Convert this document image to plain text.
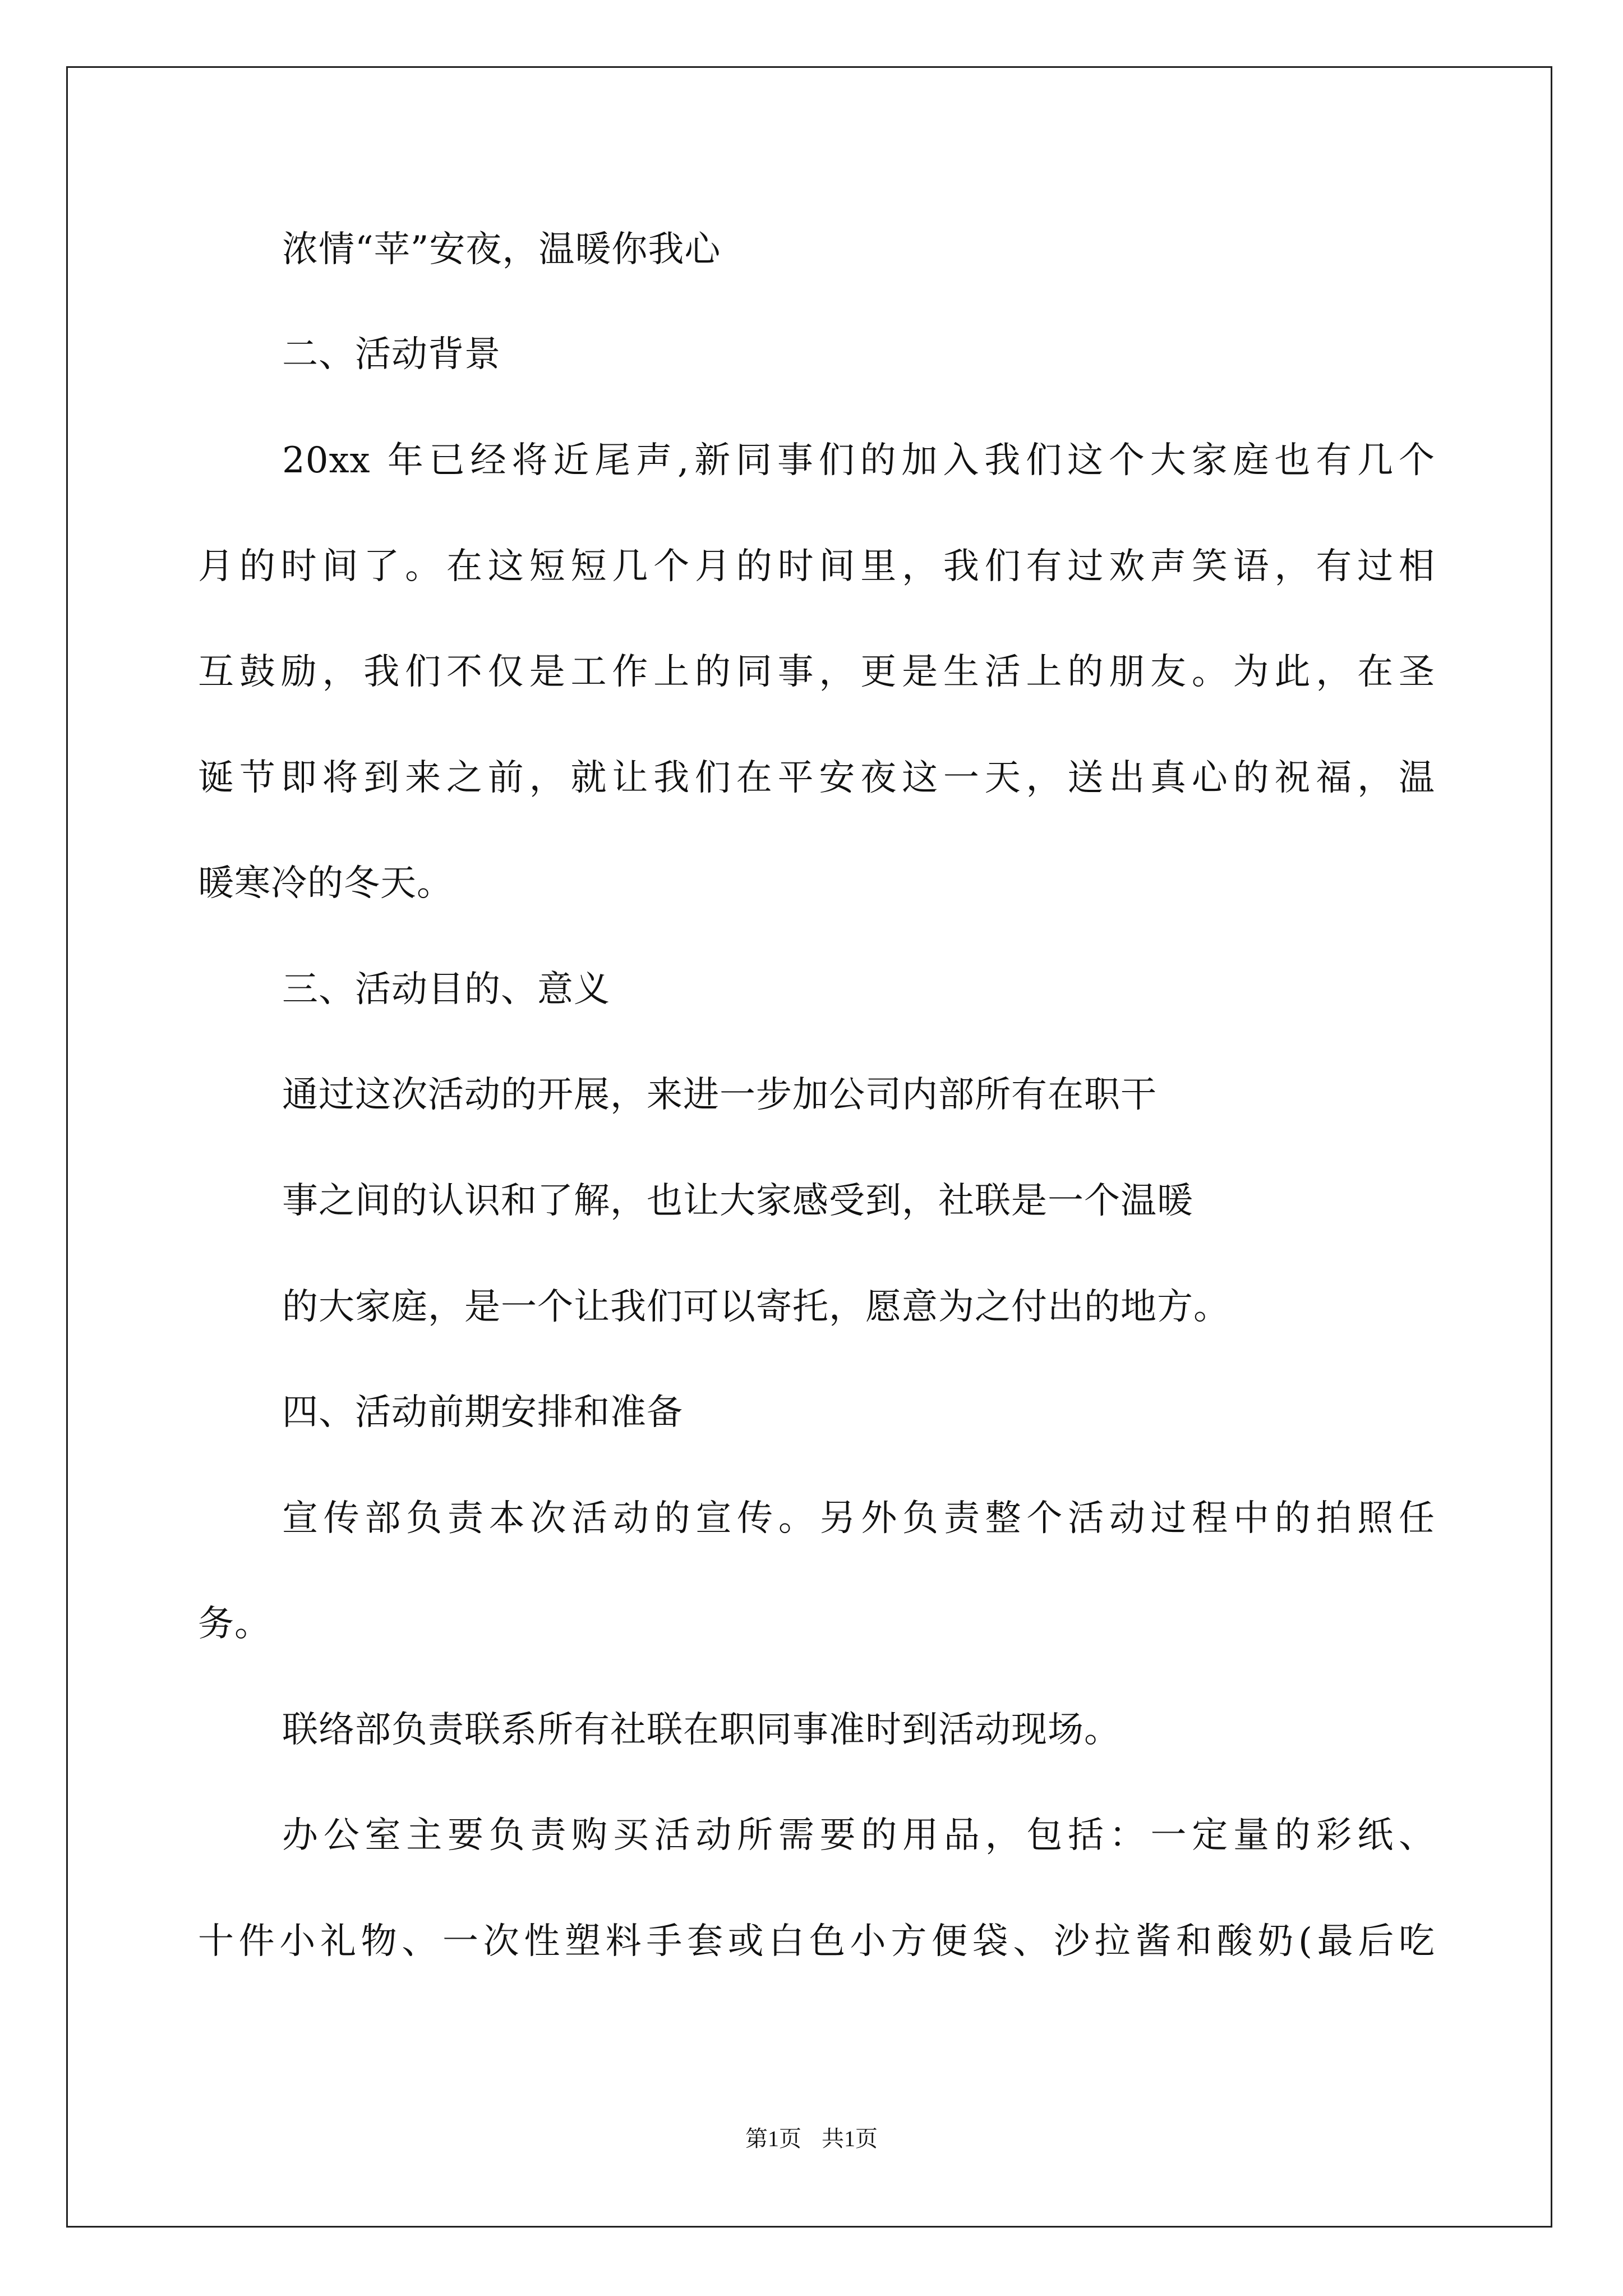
浓情“苹”安夜，温暖你我心
二、活动背景
20xx 年已经将近尾声,新同事们的加入我们这个大家庭也有几个
月的时间了。在这短短几个月的时间里，我们有过欢声笑语，有过相
互鼓励，我们不仅是工作上的同事，更是生活上的朋友。为此，在圣
诞节即将到来之前，就让我们在平安夜这一天，送出真心的祝福，温
暖寒冷的冬天。
三、活动目的、意义
通过这次活动的开展，来进一步加公司内部所有在职干
事之间的认识和了解，也让大家感受到，社联是一个温暖
的大家庭，是一个让我们可以寄托，愿意为之付出的地方。
四、活动前期安排和准备
宣传部负责本次活动的宣传。另外负责整个活动过程中的拍照任
务。
联络部负责联系所有社联在职同事准时到活动现场。
办公室主要负责购买活动所需要的用品，包括：一定量的彩纸、
十件小礼物、一次性塑料手套或白色小方便袋、沙拉酱和酸奶(最后吃
第1页 共1页
